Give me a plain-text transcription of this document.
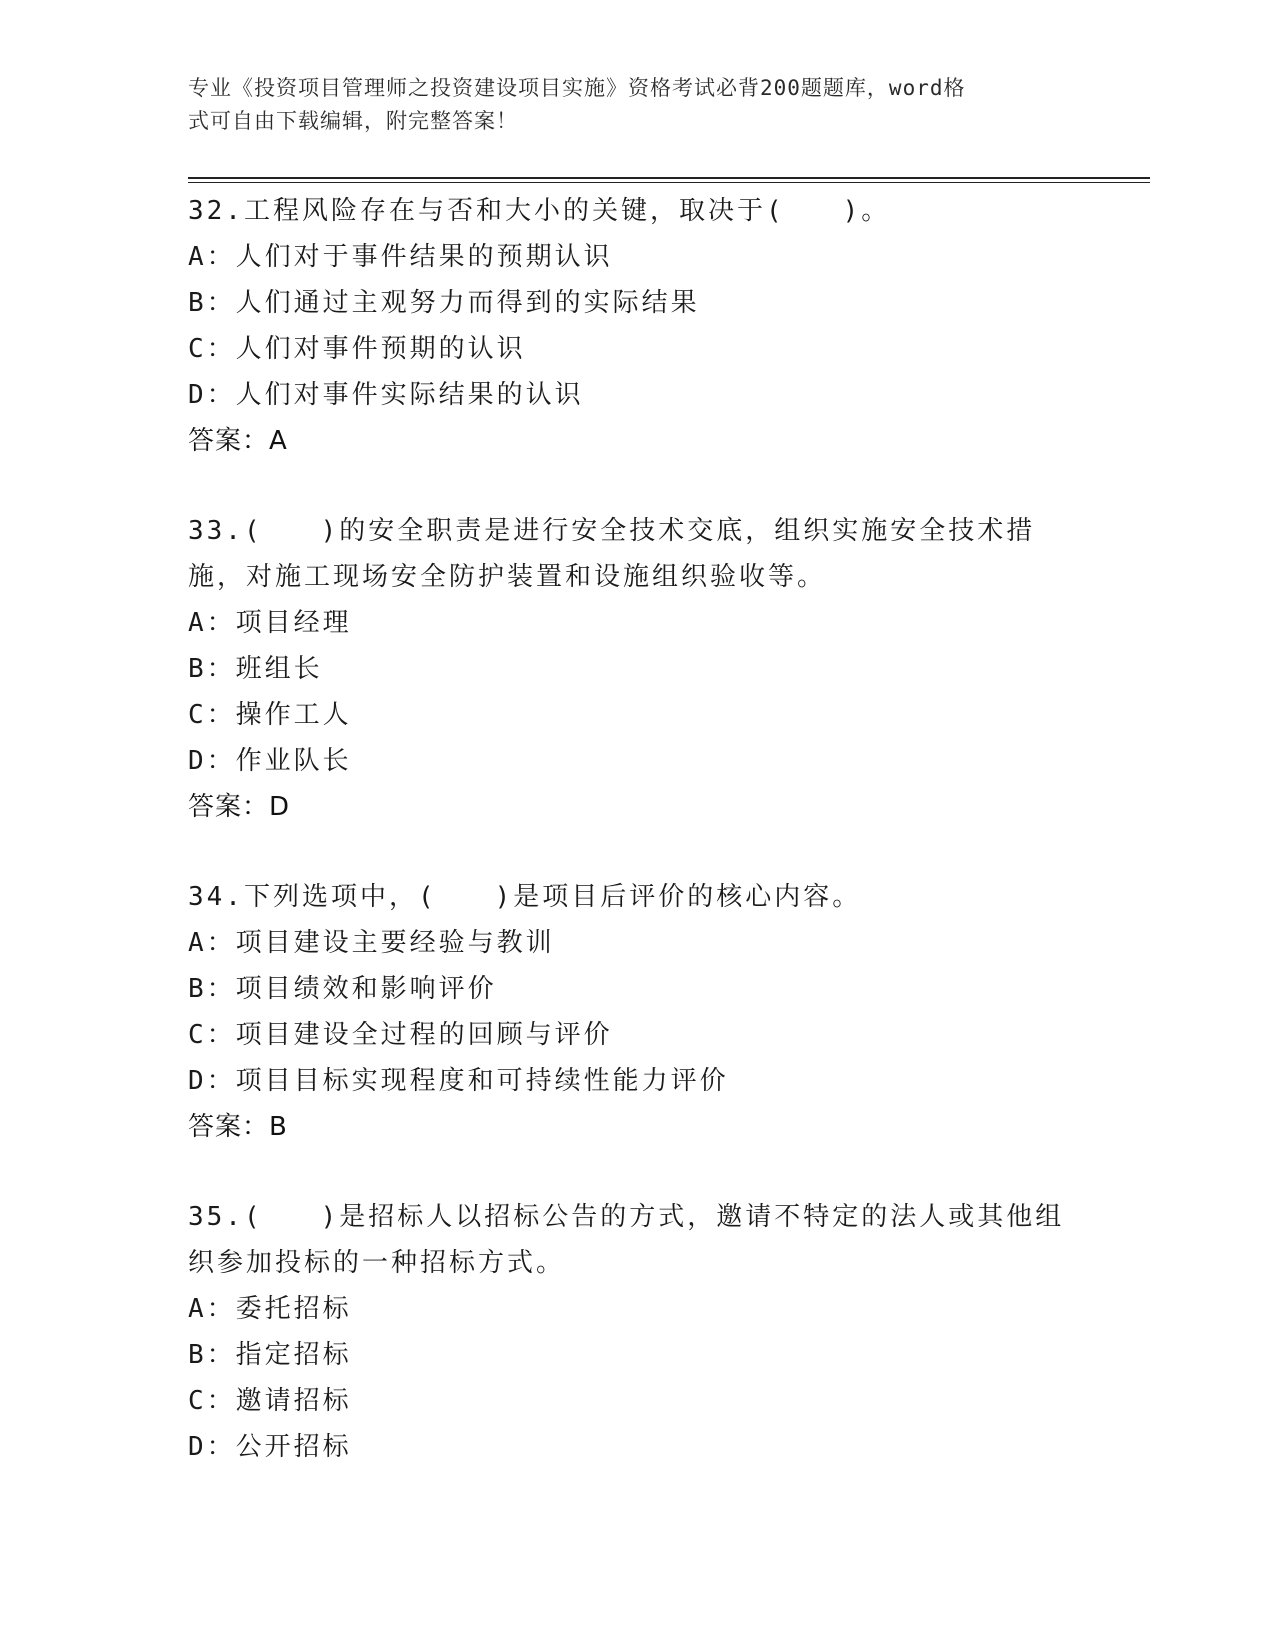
专业《投资项目管理师之投资建设项目实施》资格考试必背200题题库，word格
式可自由下载编辑，附完整答案！
32.工程风险存在与否和大小的关键，取决于(　　)。
A：人们对于事件结果的预期认识
B：人们通过主观努力而得到的实际结果
C：人们对事件预期的认识
D：人们对事件实际结果的认识
答案：A
33.(　　)的安全职责是进行安全技术交底，组织实施安全技术措施，对施工现场安全防护装置和设施组织验收等。
A：项目经理
B：班组长
C：操作工人
D：作业队长
答案：D
34.下列选项中，(　　)是项目后评价的核心内容。
A：项目建设主要经验与教训
B：项目绩效和影响评价
C：项目建设全过程的回顾与评价
D：项目目标实现程度和可持续性能力评价
答案：B
35.(　　)是招标人以招标公告的方式，邀请不特定的法人或其他组织参加投标的一种招标方式。
A：委托招标
B：指定招标
C：邀请招标
D：公开招标
